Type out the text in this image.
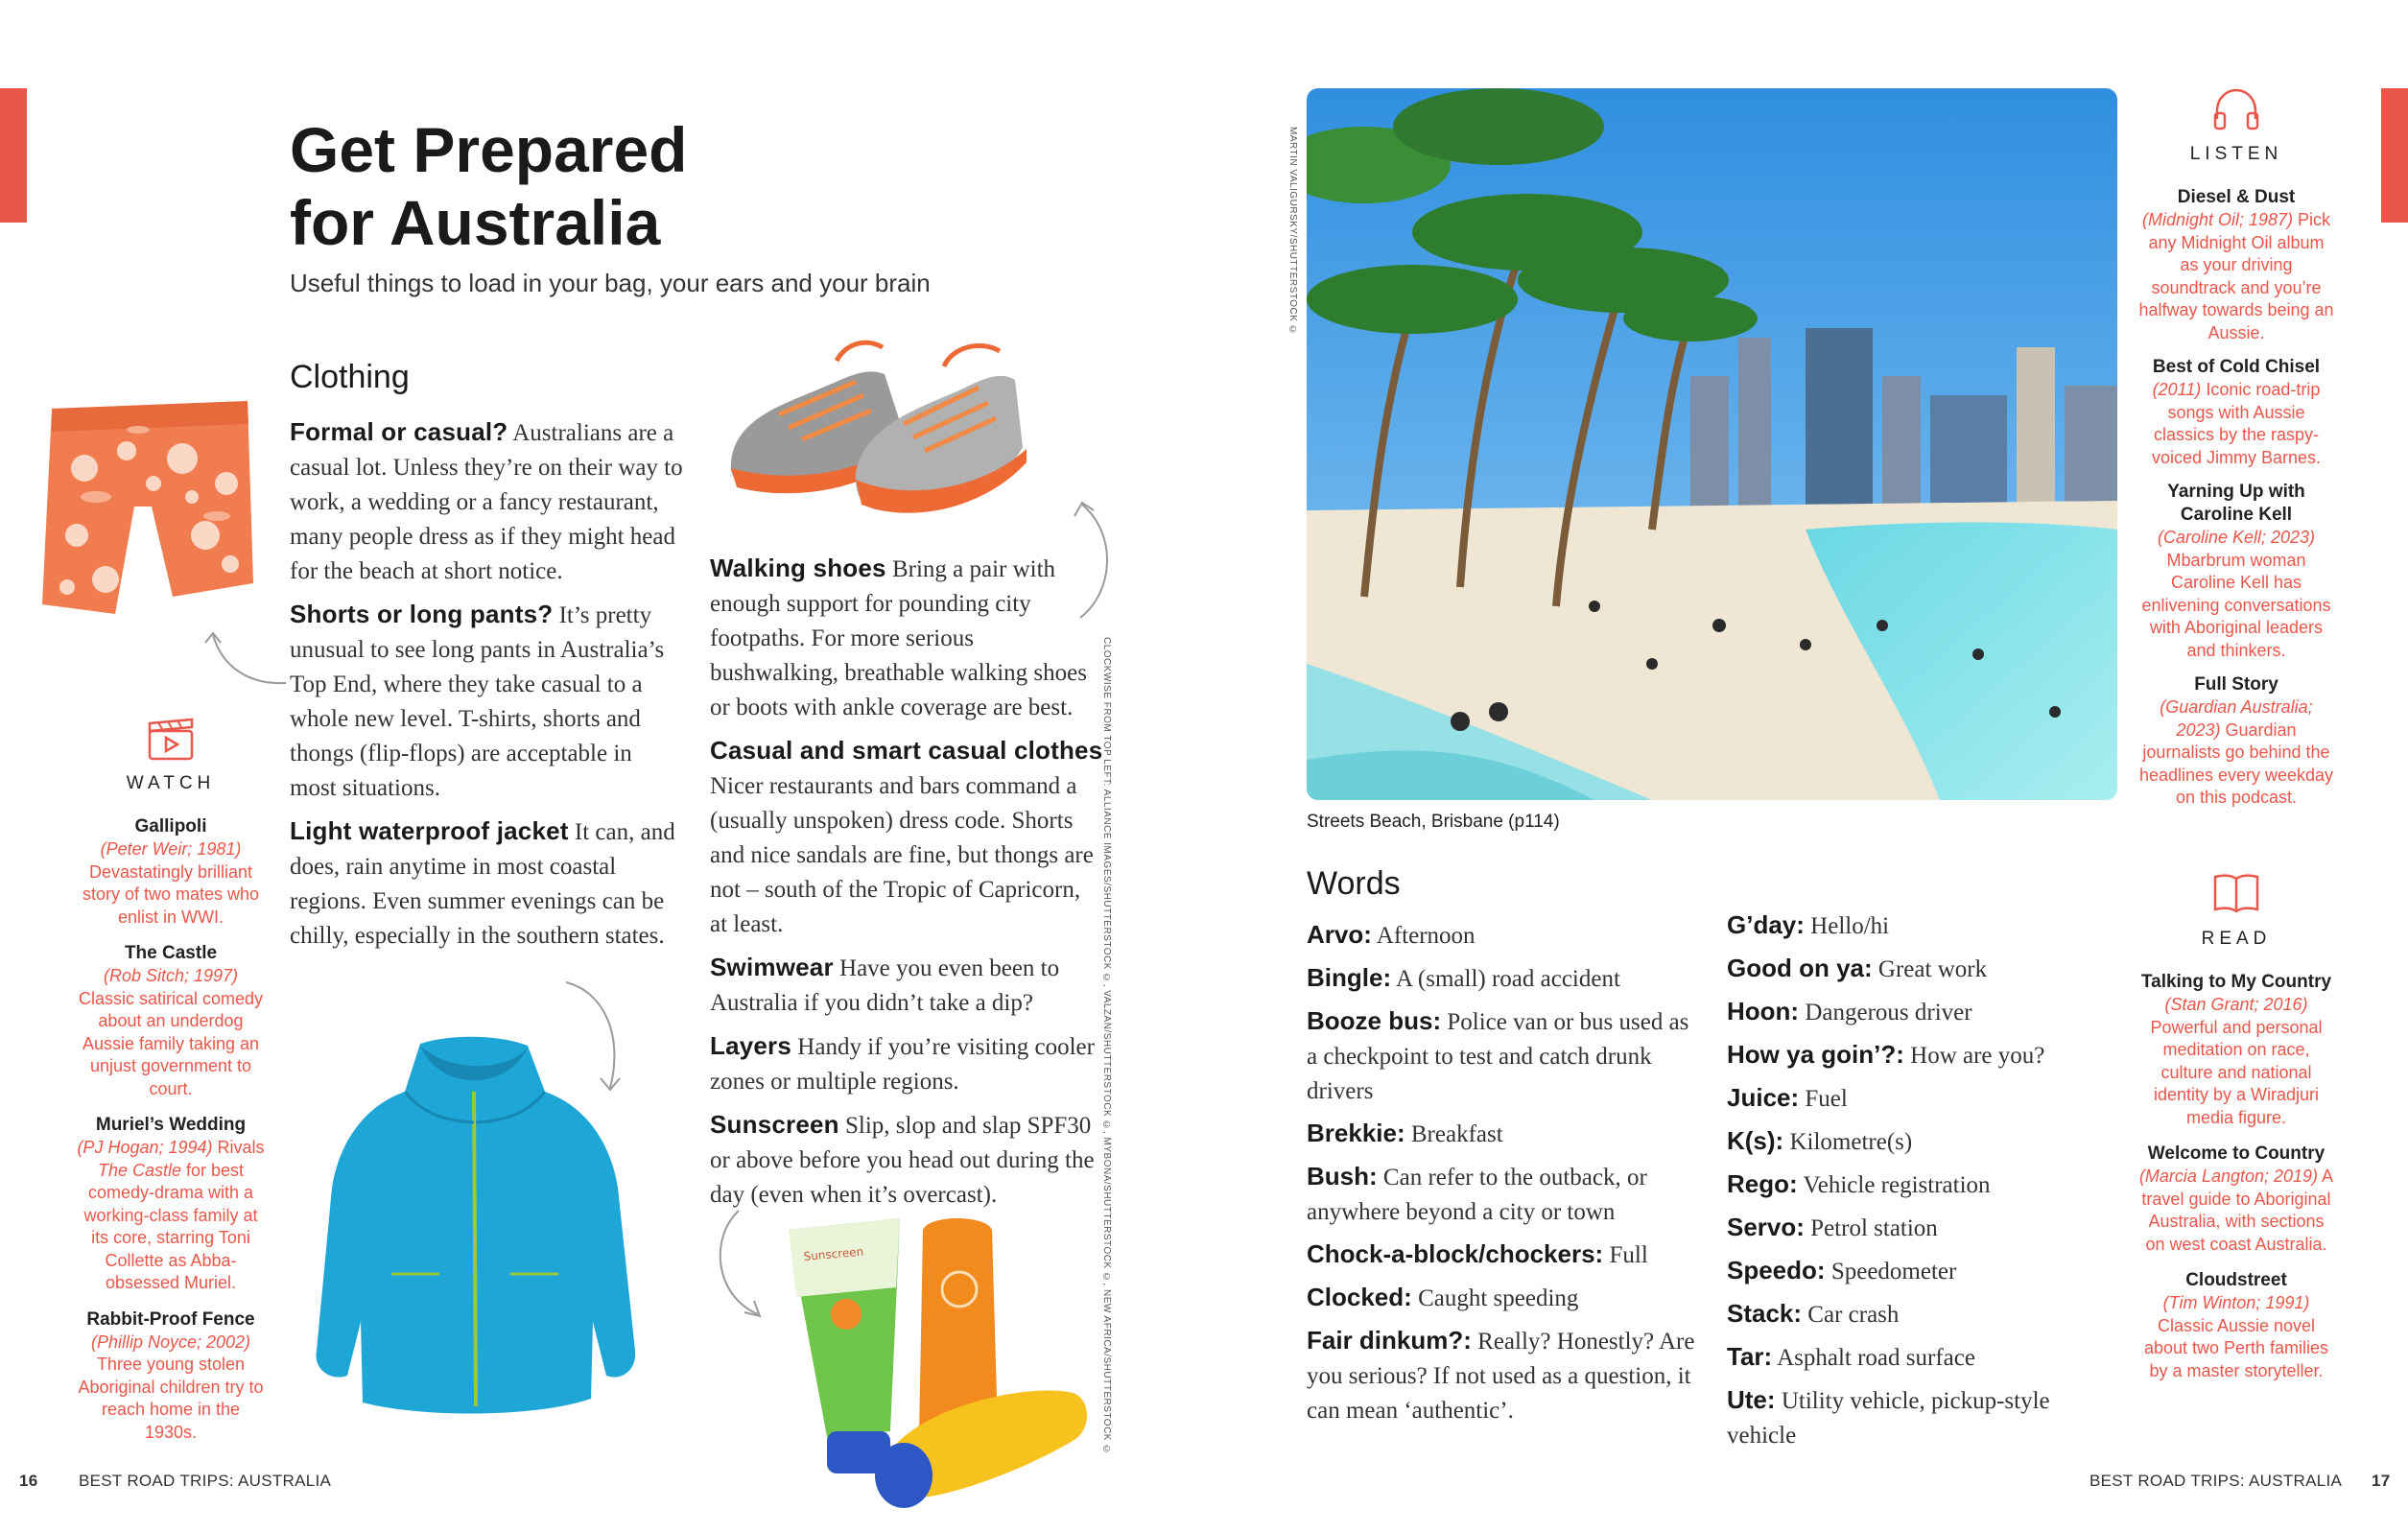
Get Prepared
for Australia
Useful things to load in your bag, your ears and your brain
WATCH
Gallipoli
(Peter Weir; 1981) Devastatingly brilliant story of two mates who enlist in WWI.
The Castle
(Rob Sitch; 1997) Classic satirical comedy about an underdog Aussie family taking an unjust government to court.
Muriel’s Wedding
(PJ Hogan; 1994) Rivals The Castle for best comedy-drama with a working-class family at its core, starring Toni Collette as Abba-obsessed Muriel.
Rabbit-Proof Fence
(Phillip Noyce; 2002) Three young stolen Aboriginal children try to reach home in the 1930s.
Clothing

Formal or casual? Australians are a casual lot. Unless they’re on their way to work, a wedding or a fancy restaurant, many people dress as if they might head for the beach at short notice.

Shorts or long pants? It’s pretty unusual to see long pants in Australia’s Top End, where they take casual to a whole new level. T-shirts, shorts and thongs (flip-flops) are acceptable in most situations.

Light waterproof jacket It can, and does, rain anytime in most coastal regions. Even summer evenings can be chilly, especially in the southern states.

Walking shoes Bring a pair with enough support for pounding city footpaths. For more serious bushwalking, breathable walking shoes or boots with ankle coverage are best.

Casual and smart casual clothes Nicer restaurants and bars command a (usually unspoken) dress code. Shorts and nice sandals are fine, but thongs are not – south of the Tropic of Capricorn, at least.

Swimwear Have you even been to Australia if you didn’t take a dip?

Layers Handy if you’re visiting cooler zones or multiple regions.

Sunscreen Slip, slop and slap SPF30 or above before you head out during the day (even when it’s overcast).

Sunscreen	CLOCKWISE FROM TOP LEFT: ALLIANCE IMAGES/SHUTTERSTOCK ©, VALZAN/SHUTTERSTOCK ©, MYBONA/SHUTTERSTOCK ©, NEW AFRICA/SHUTTERSTOCK ©
MARTIN VALIGURSKY/SHUTTERSTOCK ©
Streets Beach, Brisbane (p114)
Words

Arvo: Afternoon

Bingle: A (small) road accident

Booze bus: Police van or bus used as a checkpoint to test and catch drunk drivers

Brekkie: Breakfast

Bush: Can refer to the outback, or anywhere beyond a city or town

Chock-a-block/chockers: Full

Clocked: Caught speeding

Fair dinkum?: Really? Honestly? Are you serious? If not used as a question, it can mean ‘authentic’.

G’day: Hello/hi

Good on ya: Great work

Hoon: Dangerous driver

How ya goin’?: How are you?

Juice: Fuel

K(s): Kilometre(s)

Rego: Vehicle registration

Servo: Petrol station

Speedo: Speedometer

Stack: Car crash

Tar: Asphalt road surface

Ute: Utility vehicle, pickup-style vehicle

LISTEN
Diesel & Dust
(Midnight Oil; 1987) Pick any Midnight Oil album as your driving soundtrack and you’re halfway towards being an Aussie.
Best of Cold Chisel
(2011) Iconic road-trip songs with Aussie classics by the raspy-voiced Jimmy Barnes.
Yarning Up with Caroline Kell
(Caroline Kell; 2023) Mbarbrum woman Caroline Kell has enlivening conversations with Aboriginal leaders and thinkers.
Full Story
(Guardian Australia; 2023) Guardian journalists go behind the headlines every weekday on this podcast.
READ
Talking to My Country
(Stan Grant; 2016) Powerful and personal meditation on race, culture and national identity by a Wiradjuri media figure.
Welcome to Country
(Marcia Langton; 2019) A travel guide to Aboriginal Australia, with sections on west coast Australia.
Cloudstreet
(Tim Winton; 1991) Classic Aussie novel about two Perth families by a master storyteller.
16 BEST ROAD TRIPS: AUSTRALIA	BEST ROAD TRIPS: AUSTRALIA 17
